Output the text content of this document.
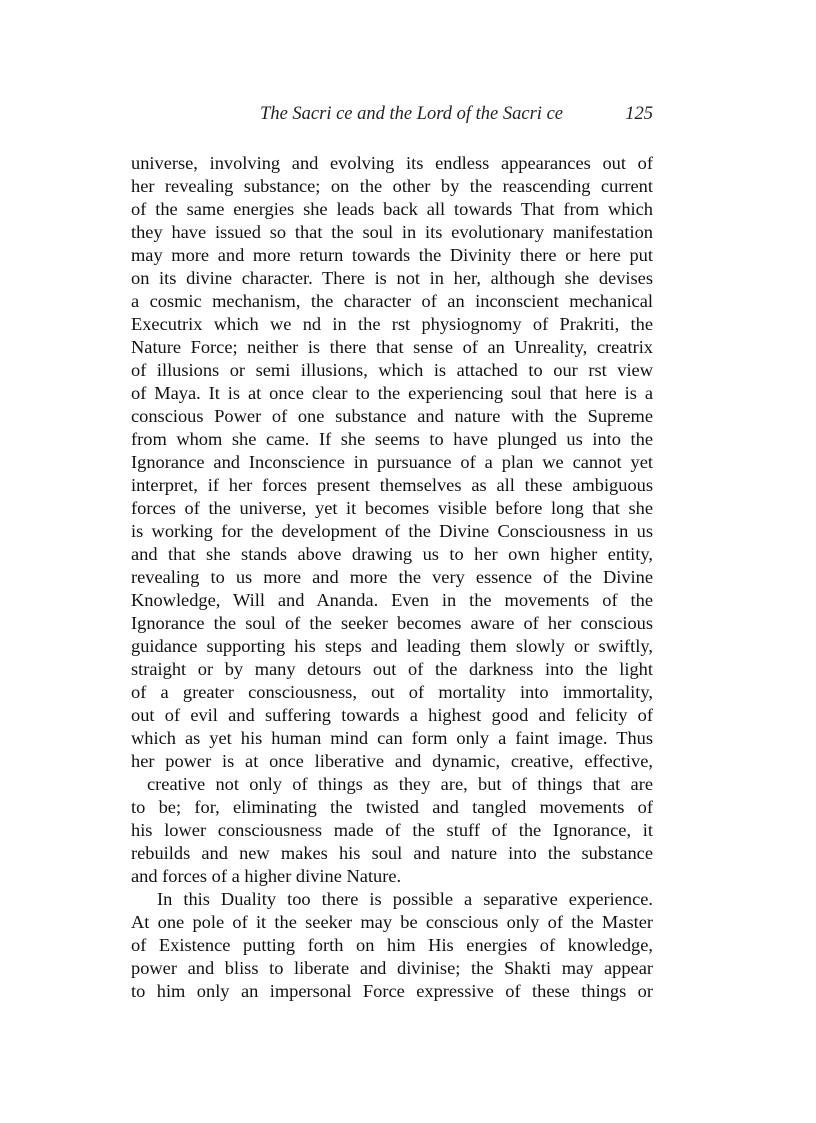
The Sacri ce and the Lord of the Sacri ce	125
universe, involving and evolving its endless appearances out of
her revealing substance; on the other by the reascending current
of the same energies she leads back all towards That from which
they have issued so that the soul in its evolutionary manifestation
may more and more return towards the Divinity there or here put
on its divine character. There is not in her, although she devises
a cosmic mechanism, the character of an inconscient mechanical
Executrix which we nd in the rst physiognomy of Prakriti, the
Nature Force; neither is there that sense of an Unreality, creatrix
of illusions or semi illusions, which is attached to our rst view
of Maya. It is at once clear to the experiencing soul that here is a
conscious Power of one substance and nature with the Supreme
from whom she came. If she seems to have plunged us into the
Ignorance and Inconscience in pursuance of a plan we cannot yet
interpret, if her forces present themselves as all these ambiguous
forces of the universe, yet it becomes visible before long that she
is working for the development of the Divine Consciousness in us
and that she stands above drawing us to her own higher entity,
revealing to us more and more the very essence of the Divine
Knowledge, Will and Ananda. Even in the movements of the
Ignorance the soul of the seeker becomes aware of her conscious
guidance supporting his steps and leading them slowly or swiftly,
straight or by many detours out of the darkness into the light
of a greater consciousness, out of mortality into immortality,
out of evil and suffering towards a highest good and felicity of
which as yet his human mind can form only a faint image. Thus
her power is at once liberative and dynamic, creative, effective,
creative not only of things as they are, but of things that are
to be; for, eliminating the twisted and tangled movements of
his lower consciousness made of the stuff of the Ignorance, it
rebuilds and new makes his soul and nature into the substance
and forces of a higher divine Nature.
In this Duality too there is possible a separative experience.
At one pole of it the seeker may be conscious only of the Master
of Existence putting forth on him His energies of knowledge,
power and bliss to liberate and divinise; the Shakti may appear
to him only an impersonal Force expressive of these things or
